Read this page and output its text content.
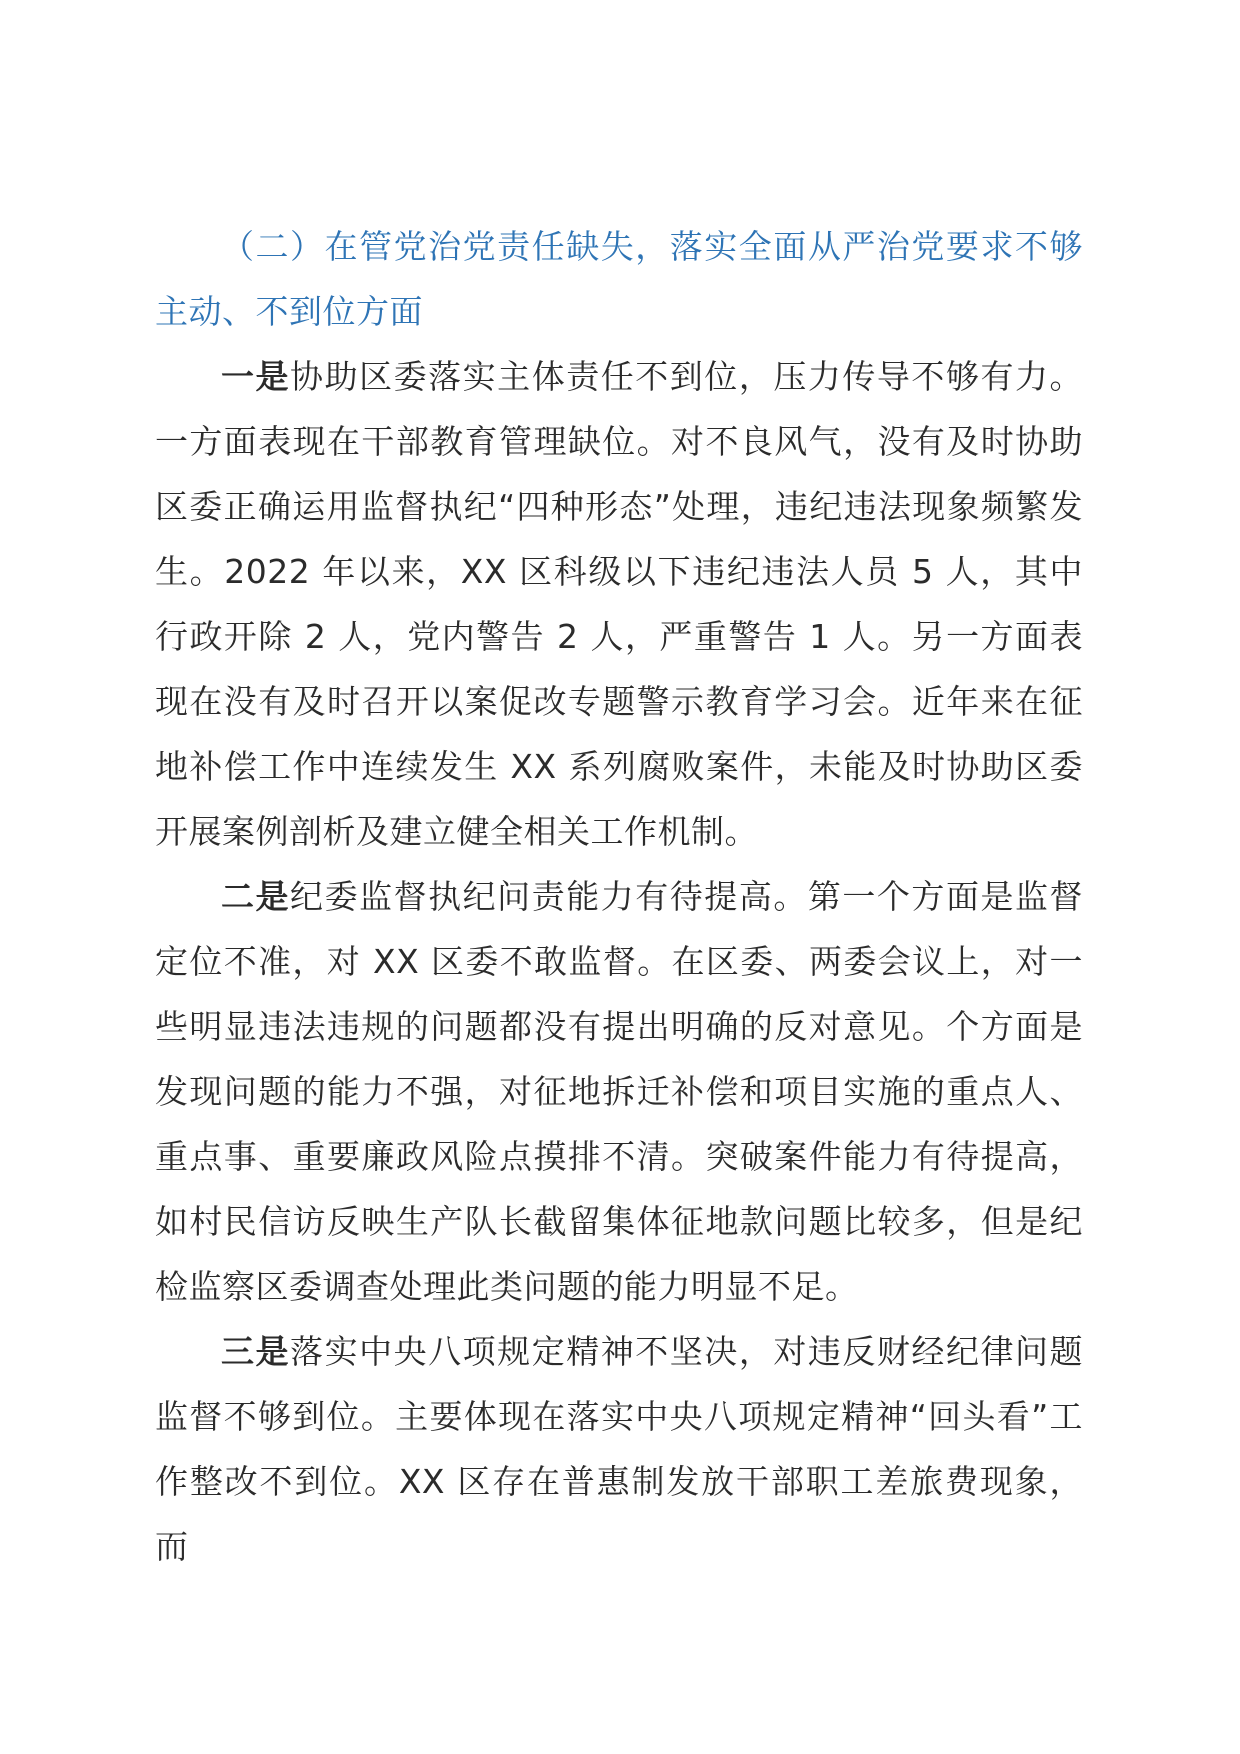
（二）在管党治党责任缺失，落实全面从严治党要求不够主动、不到位方面

一是协助区委落实主体责任不到位，压力传导不够有力。一方面表现在干部教育管理缺位。对不良风气，没有及时协助区委正确运用监督执纪“四种形态”处理，违纪违法现象频繁发生。2022 年以来，XX 区科级以下违纪违法人员 5 人，其中行政开除 2 人，党内警告 2 人，严重警告 1 人。另一方面表现在没有及时召开以案促改专题警示教育学习会。近年来在征地补偿工作中连续发生 XX 系列腐败案件，未能及时协助区委开展案例剖析及建立健全相关工作机制。

二是纪委监督执纪问责能力有待提高。第一个方面是监督定位不准，对 XX 区委不敢监督。在区委、两委会议上，对一些明显违法违规的问题都没有提出明确的反对意见。个方面是发现问题的能力不强，对征地拆迁补偿和项目实施的重点人、重点事、重要廉政风险点摸排不清。突破案件能力有待提高，如村民信访反映生产队长截留集体征地款问题比较多，但是纪检监察区委调查处理此类问题的能力明显不足。

三是落实中央八项规定精神不坚决，对违反财经纪律问题监督不够到位。主要体现在落实中央八项规定精神“回头看”工作整改不到位。XX 区存在普惠制发放干部职工差旅费现象，而
